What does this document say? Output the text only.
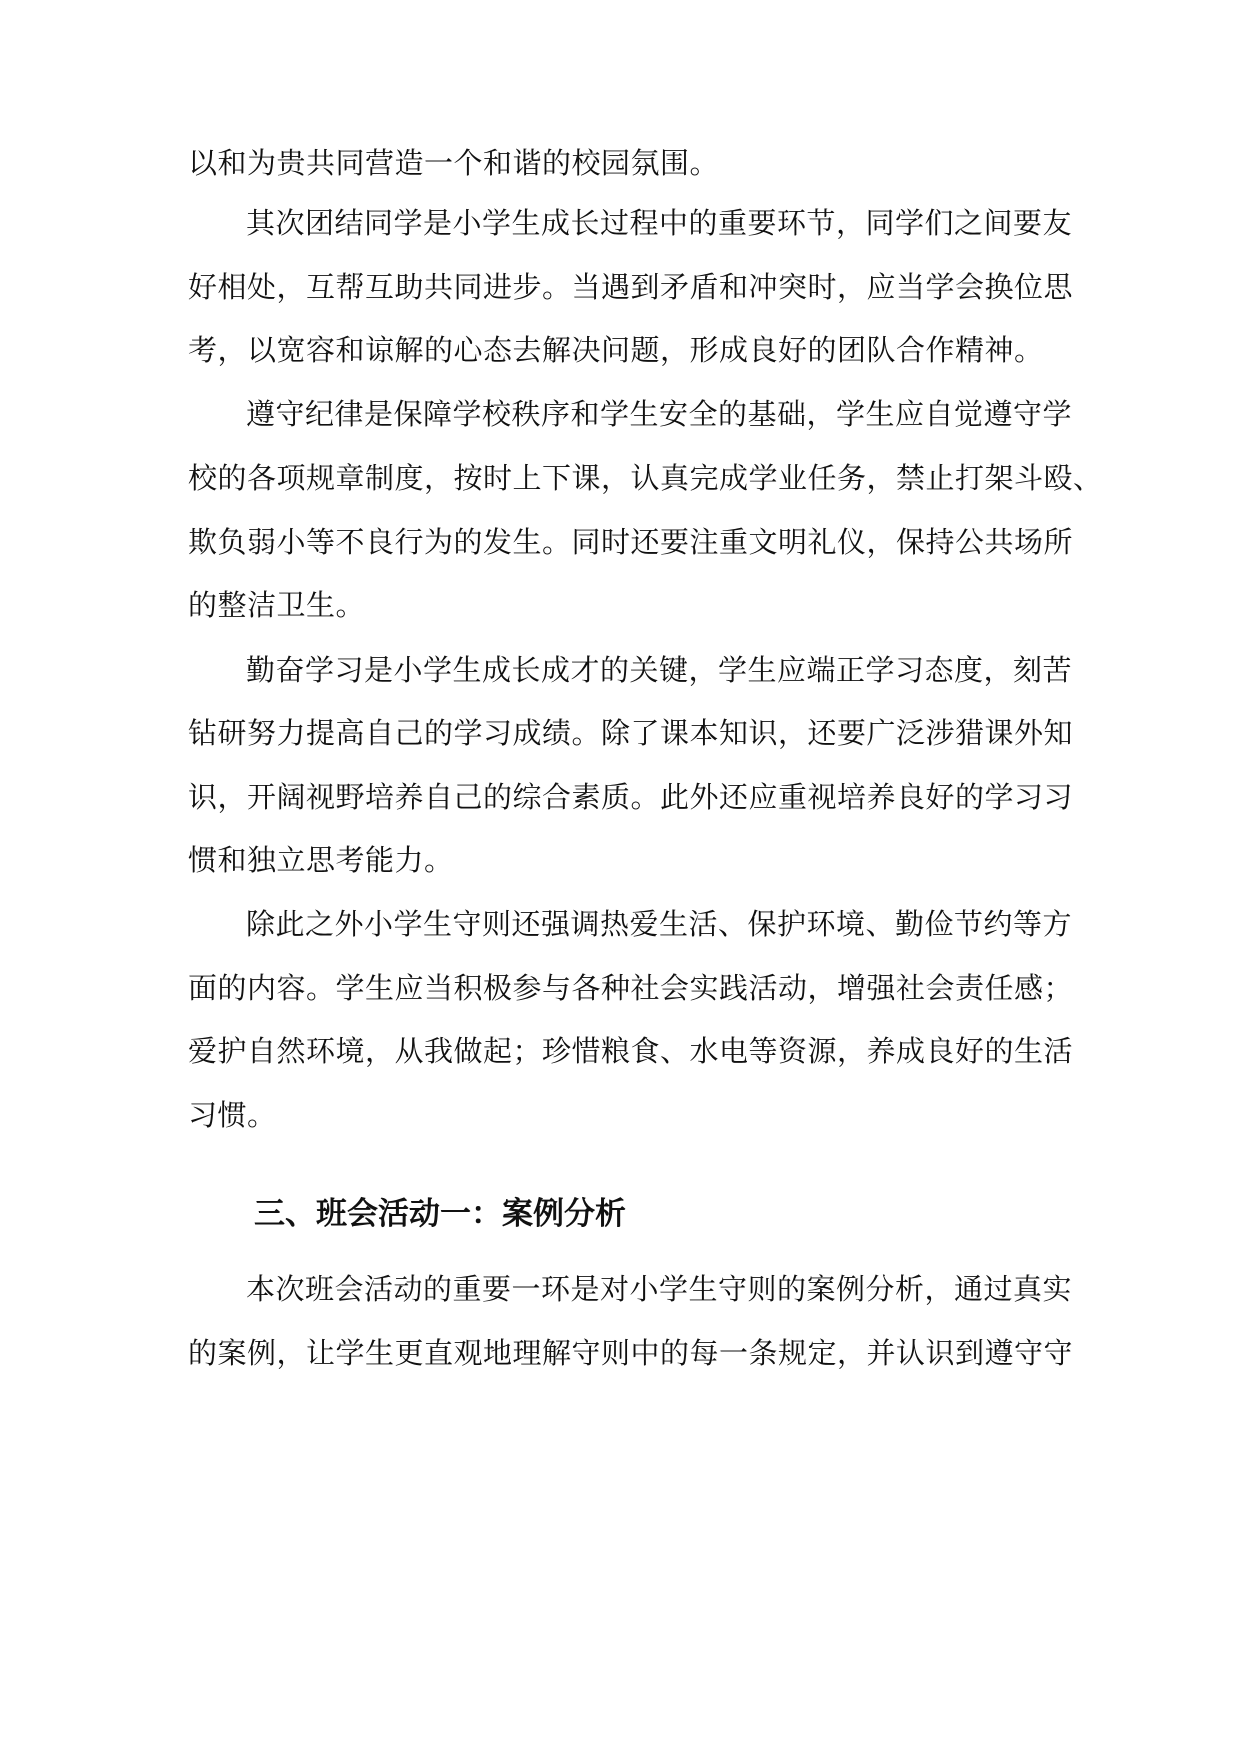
以和为贵共同营造一个和谐的校园氛围。
其次团结同学是小学生成长过程中的重要环节，同学们之间要友
好相处，互帮互助共同进步。当遇到矛盾和冲突时，应当学会换位思
考，以宽容和谅解的心态去解决问题，形成良好的团队合作精神。
遵守纪律是保障学校秩序和学生安全的基础，学生应自觉遵守学
校的各项规章制度，按时上下课，认真完成学业任务，禁止打架斗殴、
欺负弱小等不良行为的发生。同时还要注重文明礼仪，保持公共场所
的整洁卫生。
勤奋学习是小学生成长成才的关键，学生应端正学习态度，刻苦
钻研努力提高自己的学习成绩。除了课本知识，还要广泛涉猎课外知
识，开阔视野培养自己的综合素质。此外还应重视培养良好的学习习
惯和独立思考能力。
除此之外小学生守则还强调热爱生活、保护环境、勤俭节约等方
面的内容。学生应当积极参与各种社会实践活动，增强社会责任感；
爱护自然环境，从我做起；珍惜粮食、水电等资源，养成良好的生活
习惯。
三、班会活动一：案例分析
本次班会活动的重要一环是对小学生守则的案例分析，通过真实
的案例，让学生更直观地理解守则中的每一条规定，并认识到遵守守
